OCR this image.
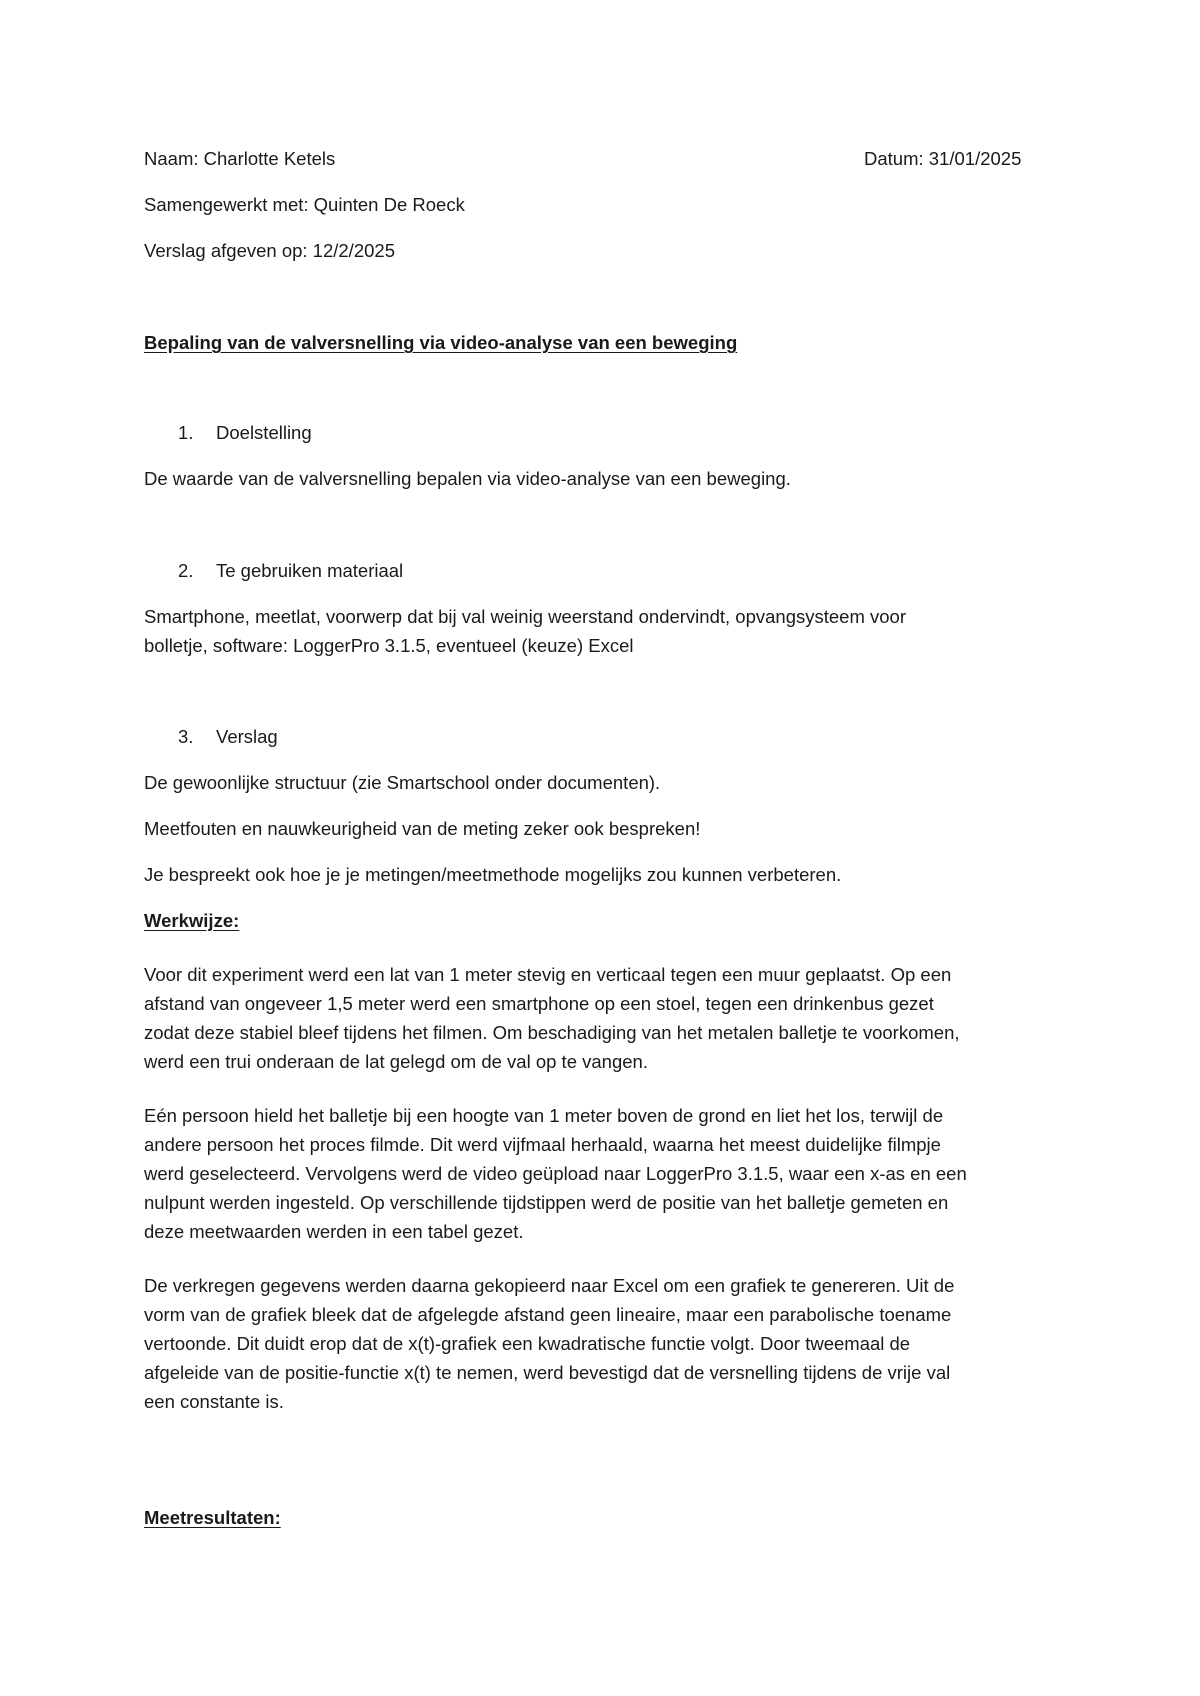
Naam: Charlotte Ketels	Datum: 31/01/2025
Samengewerkt met: Quinten De Roeck
Verslag afgeven op: 12/2/2025
Bepaling van de valversnelling via video-analyse van een beweging
1. Doelstelling
De waarde van de valversnelling bepalen via video-analyse van een beweging.
2. Te gebruiken materiaal
Smartphone, meetlat, voorwerp dat bij val weinig weerstand ondervindt, opvangsysteem voor
bolletje, software: LoggerPro 3.1.5, eventueel (keuze) Excel
3. Verslag
De gewoonlijke structuur (zie Smartschool onder documenten).
Meetfouten en nauwkeurigheid van de meting zeker ook bespreken!
Je bespreekt ook hoe je je metingen/meetmethode mogelijks zou kunnen verbeteren.
Werkwijze:
Voor dit experiment werd een lat van 1 meter stevig en verticaal tegen een muur geplaatst. Op een
afstand van ongeveer 1,5 meter werd een smartphone op een stoel, tegen een drinkenbus gezet
zodat deze stabiel bleef tijdens het filmen. Om beschadiging van het metalen balletje te voorkomen,
werd een trui onderaan de lat gelegd om de val op te vangen.
Eén persoon hield het balletje bij een hoogte van 1 meter boven de grond en liet het los, terwijl de
andere persoon het proces filmde. Dit werd vijfmaal herhaald, waarna het meest duidelijke filmpje
werd geselecteerd. Vervolgens werd de video geüpload naar LoggerPro 3.1.5, waar een x-as en een
nulpunt werden ingesteld. Op verschillende tijdstippen werd de positie van het balletje gemeten en
deze meetwaarden werden in een tabel gezet.
De verkregen gegevens werden daarna gekopieerd naar Excel om een grafiek te genereren. Uit de
vorm van de grafiek bleek dat de afgelegde afstand geen lineaire, maar een parabolische toename
vertoonde. Dit duidt erop dat de x(t)-grafiek een kwadratische functie volgt. Door tweemaal de
afgeleide van de positie-functie x(t) te nemen, werd bevestigd dat de versnelling tijdens de vrije val
een constante is.
Meetresultaten:
